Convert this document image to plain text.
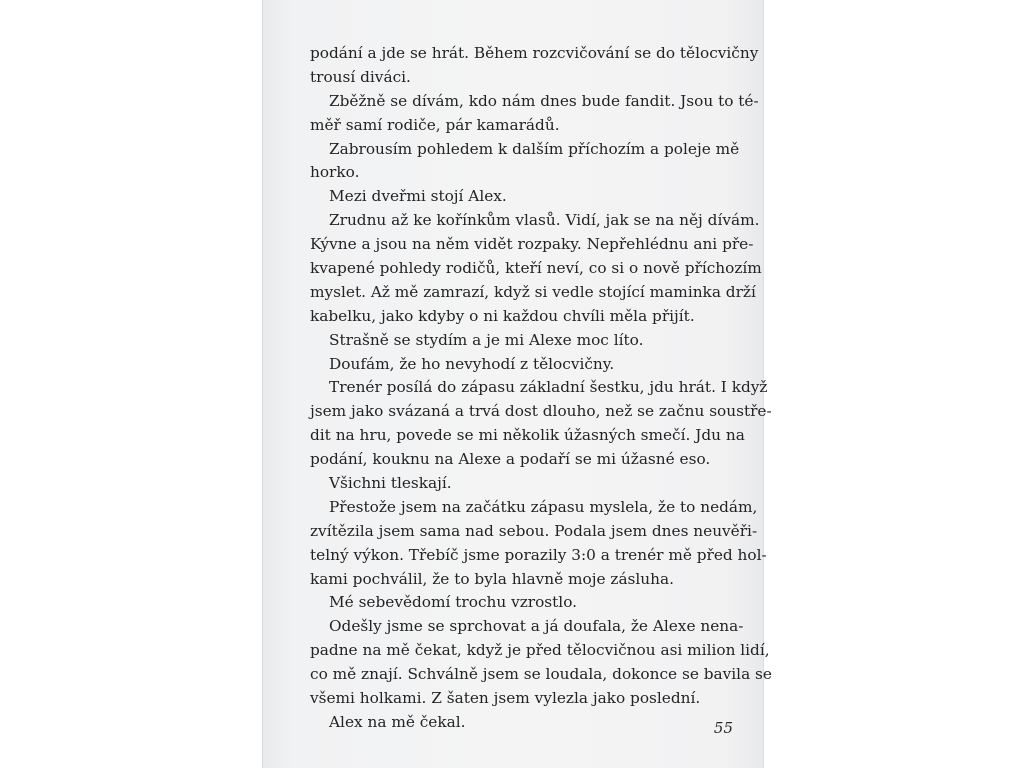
podání a jde se hrát. Během rozcvičování se do tělocvičny
trousí diváci.
Zběžně se dívám, kdo nám dnes bude fandit. Jsou to té-
měř samí rodiče, pár kamarádů.
Zabrousím pohledem k dalším příchozím a poleje mě
horko.
Mezi dveřmi stojí Alex.
Zrudnu až ke kořínkům vlasů. Vidí, jak se na něj dívám.
Kývne a jsou na něm vidět rozpaky. Nepřehlédnu ani pře-
kvapené pohledy rodičů, kteří neví, co si o nově příchozím
myslet. Až mě zamrazí, když si vedle stojící maminka drží
kabelku, jako kdyby o ni každou chvíli měla přijít.
Strašně se stydím a je mi Alexe moc líto.
Doufám, že ho nevyhodí z tělocvičny.
Trenér posílá do zápasu základní šestku, jdu hrát. I když
jsem jako svázaná a trvá dost dlouho, než se začnu soustře-
dit na hru, povede se mi několik úžasných smečí. Jdu na
podání, kouknu na Alexe a podaří se mi úžasné eso.
Všichni tleskají.
Přestože jsem na začátku zápasu myslela, že to nedám,
zvítězila jsem sama nad sebou. Podala jsem dnes neuvěři-
telný výkon. Třebíč jsme porazily 3:0 a trenér mě před hol-
kami pochválil, že to byla hlavně moje zásluha.
Mé sebevědomí trochu vzrostlo.
Odešly jsme se sprchovat a já doufala, že Alexe nena-
padne na mě čekat, když je před tělocvičnou asi milion lidí,
co mě znají. Schválně jsem se loudala, dokonce se bavila se
všemi holkami. Z šaten jsem vylezla jako poslední.
Alex na mě čekal.	55
